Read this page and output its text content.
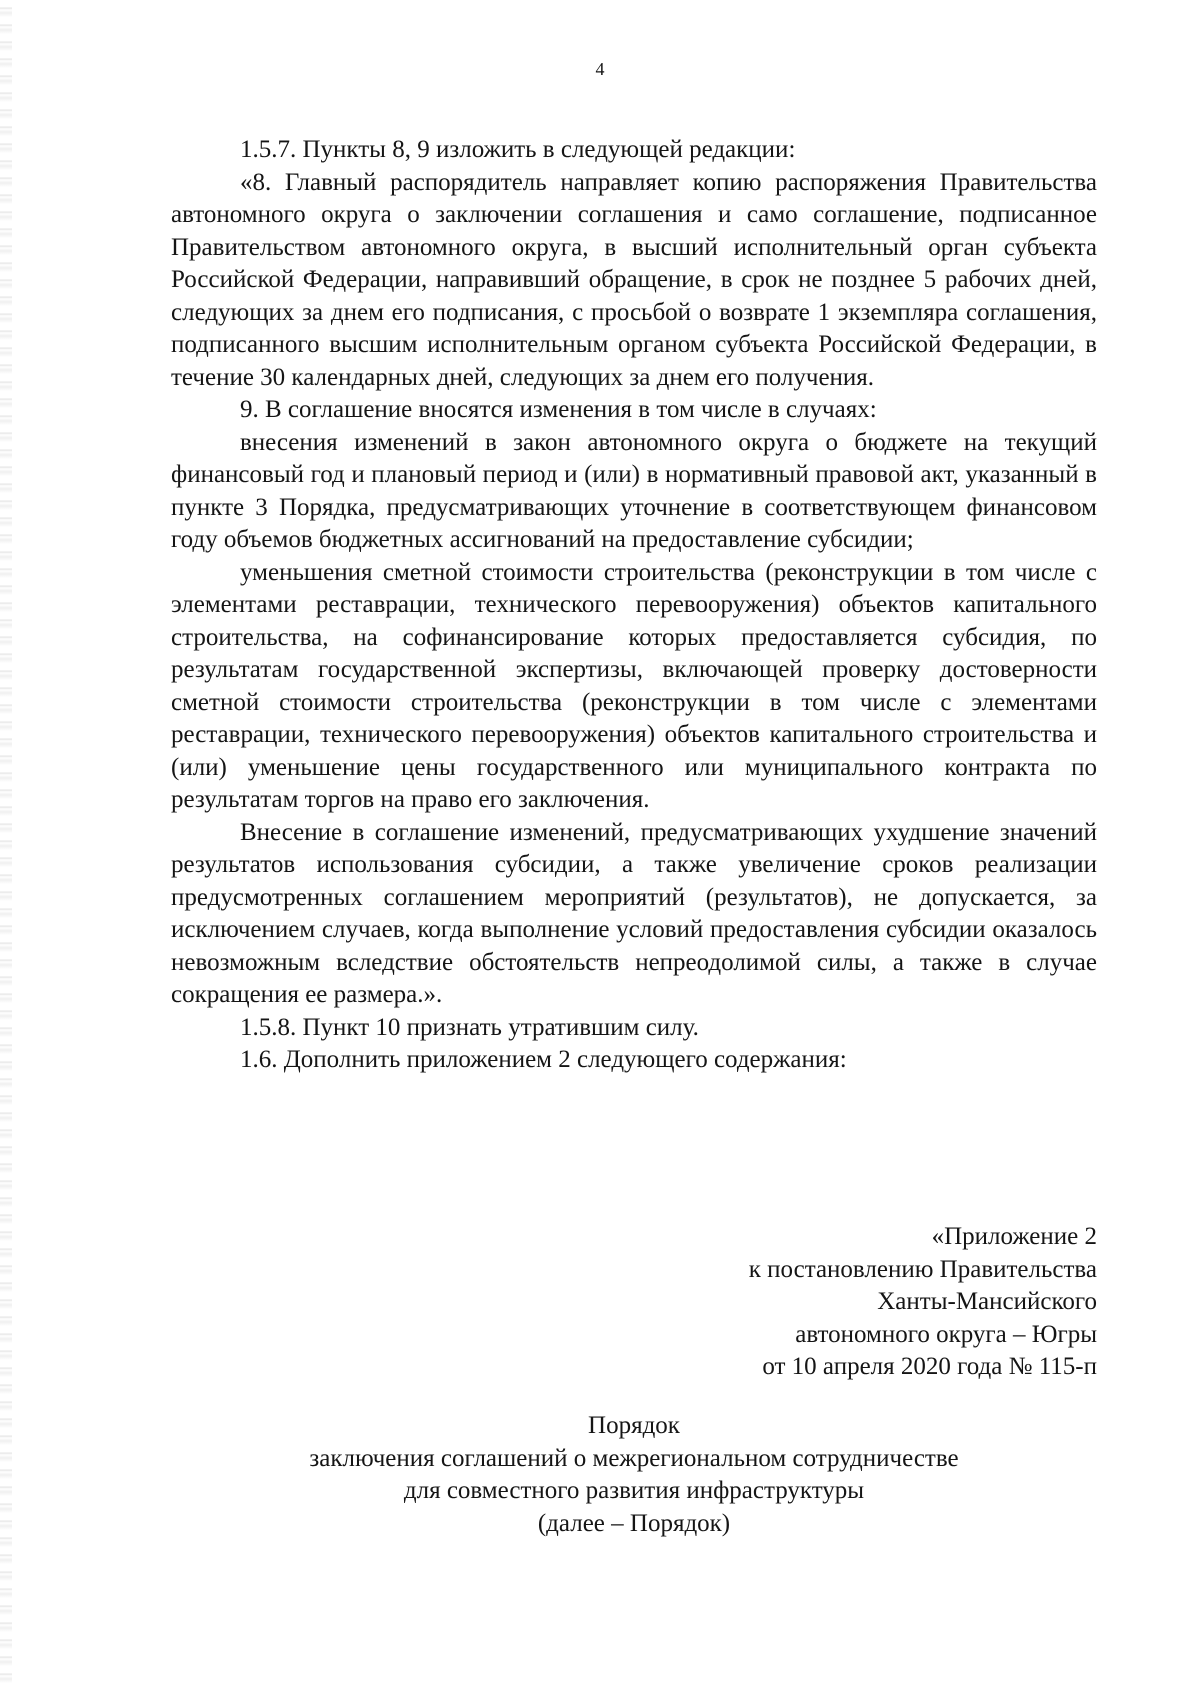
4

1.5.7. Пункты 8, 9 изложить в следующей редакции:

«8. Главный распорядитель направляет копию распоряжения Правительства автономного округа о заключении соглашения и само соглашение, подписанное Правительством автономного округа, в высший исполнительный орган субъекта Российской Федерации, направивший обращение, в срок не позднее 5 рабочих дней, следующих за днем его подписания, с просьбой о возврате 1 экземпляра соглашения, подписанного высшим исполнительным органом субъекта Российской Федерации, в течение 30 календарных дней, следующих за днем его получения.

9. В соглашение вносятся изменения в том числе в случаях:

внесения изменений в закон автономного округа о бюджете на текущий финансовый год и плановый период и (или) в нормативный правовой акт, указанный в пункте 3 Порядка, предусматривающих уточнение в соответствующем финансовом году объемов бюджетных ассигнований на предоставление субсидии;

уменьшения сметной стоимости строительства (реконструкции в том числе с элементами реставрации, технического перевооружения) объектов капитального строительства, на софинансирование которых предоставляется субсидия, по результатам государственной экспертизы, включающей проверку достоверности сметной стоимости строительства (реконструкции в том числе с элементами реставрации, технического перевооружения) объектов капитального строительства и (или) уменьшение цены государственного или муниципального контракта по результатам торгов на право его заключения.

Внесение в соглашение изменений, предусматривающих ухудшение значений результатов использования субсидии, а также увеличение сроков реализации предусмотренных соглашением мероприятий (результатов), не допускается, за исключением случаев, когда выполнение условий предоставления субсидии оказалось невозможным вследствие обстоятельств непреодолимой силы, а также в случае сокращения ее размера.».

1.5.8. Пункт 10 признать утратившим силу.

1.6. Дополнить приложением 2 следующего содержания:

«Приложение 2
к постановлению Правительства
Ханты-Мансийского
автономного округа – Югры
от 10 апреля 2020 года № 115-п
Порядок
заключения соглашений о межрегиональном сотрудничестве
для совместного развития инфраструктуры
(далее – Порядок)
